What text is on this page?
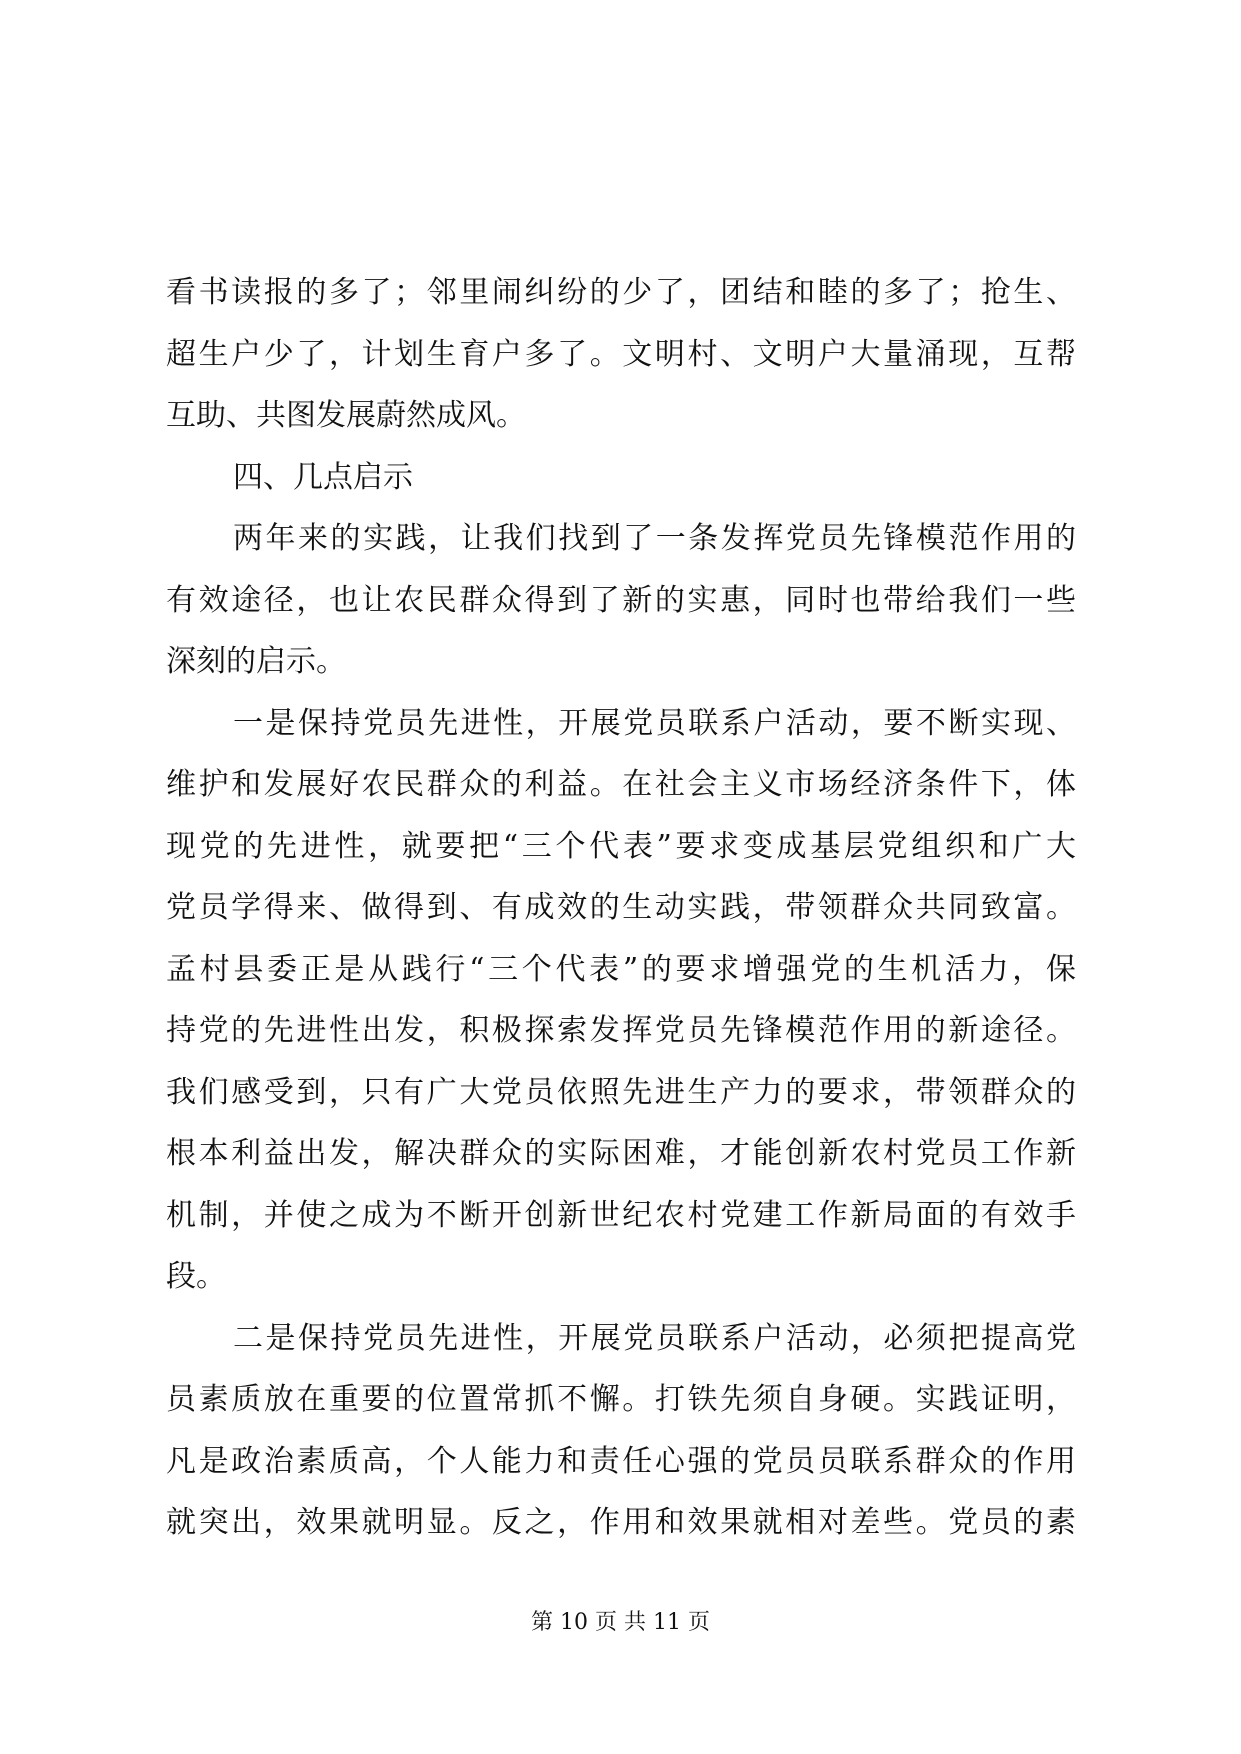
看书读报的多了；邻里闹纠纷的少了，团结和睦的多了；抢生、
超生户少了，计划生育户多了。文明村、文明户大量涌现，互帮
互助、共图发展蔚然成风。
四、几点启示
两年来的实践，让我们找到了一条发挥党员先锋模范作用的
有效途径，也让农民群众得到了新的实惠，同时也带给我们一些
深刻的启示。
一是保持党员先进性，开展党员联系户活动，要不断实现、
维护和发展好农民群众的利益。在社会主义市场经济条件下，体
现党的先进性，就要把“三个代表”要求变成基层党组织和广大
党员学得来、做得到、有成效的生动实践，带领群众共同致富。
孟村县委正是从践行“三个代表”的要求增强党的生机活力，保
持党的先进性出发，积极探索发挥党员先锋模范作用的新途径。
我们感受到，只有广大党员依照先进生产力的要求，带领群众的
根本利益出发，解决群众的实际困难，才能创新农村党员工作新
机制，并使之成为不断开创新世纪农村党建工作新局面的有效手
段。
二是保持党员先进性，开展党员联系户活动，必须把提高党
员素质放在重要的位置常抓不懈。打铁先须自身硬。实践证明，
凡是政治素质高，个人能力和责任心强的党员员联系群众的作用
就突出，效果就明显。反之，作用和效果就相对差些。党员的素
第 10 页 共 11 页
